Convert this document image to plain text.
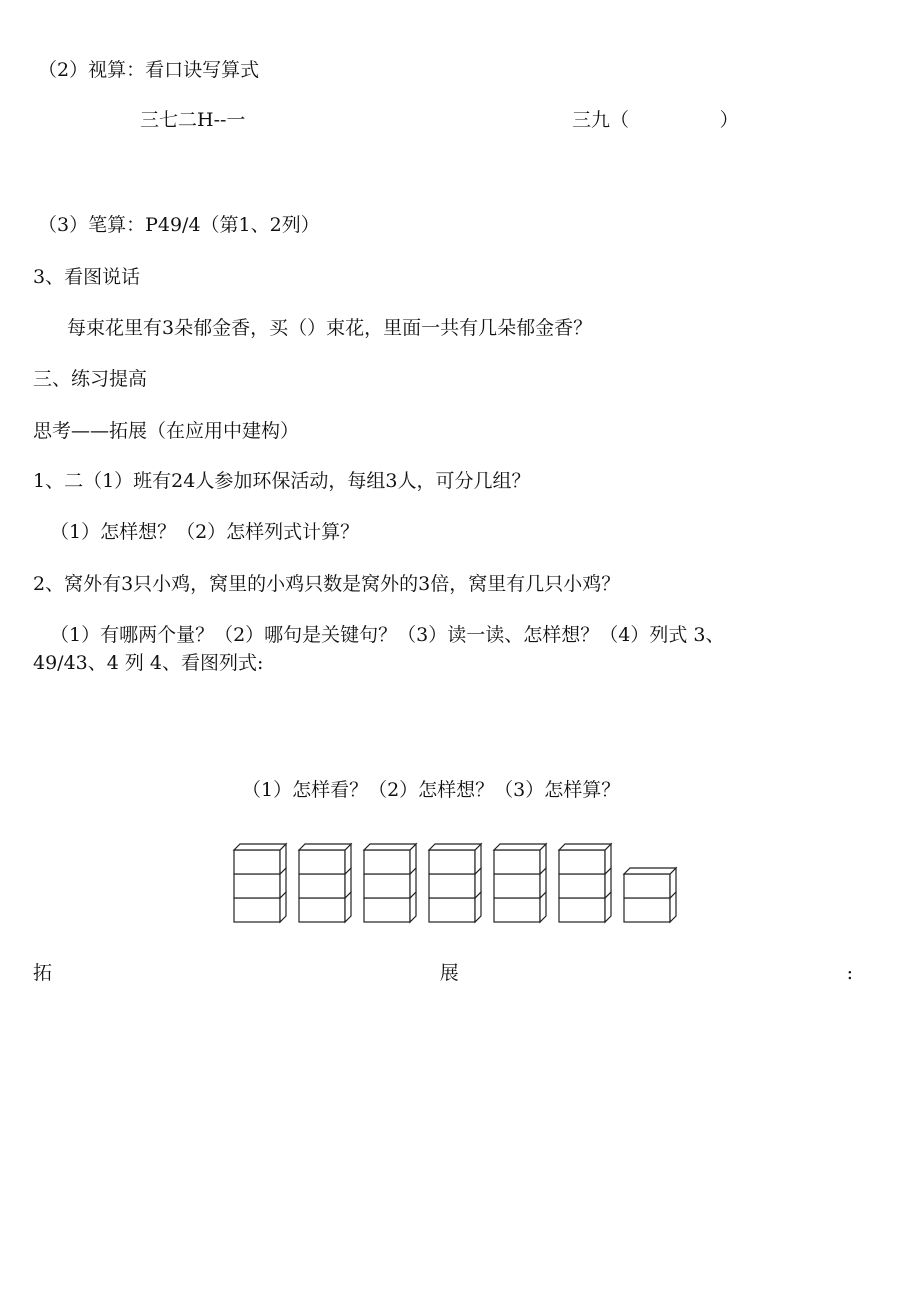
（2）视算：看口诀写算式
三七二H--一	三九（               ）
（3）笔算：P49/4（第1、2列）
3、看图说话
每束花里有3朵郁金香，买（）束花，里面一共有几朵郁金香？
三、练习提高
思考——拓展（在应用中建构）
1、二（1）班有24人参加环保活动，每组3人，可分几组？
（1）怎样想？（2）怎样列式计算？
2、窝外有3只小鸡，窝里的小鸡只数是窝外的3倍，窝里有几只小鸡？
（1）有哪两个量？（2）哪句是关键句？（3）读一读、怎样想？（4）列式 3、
49/43、4 列 4、看图列式:
（1）怎样看？（2）怎样想？（3）怎样算？
拓	展	:
